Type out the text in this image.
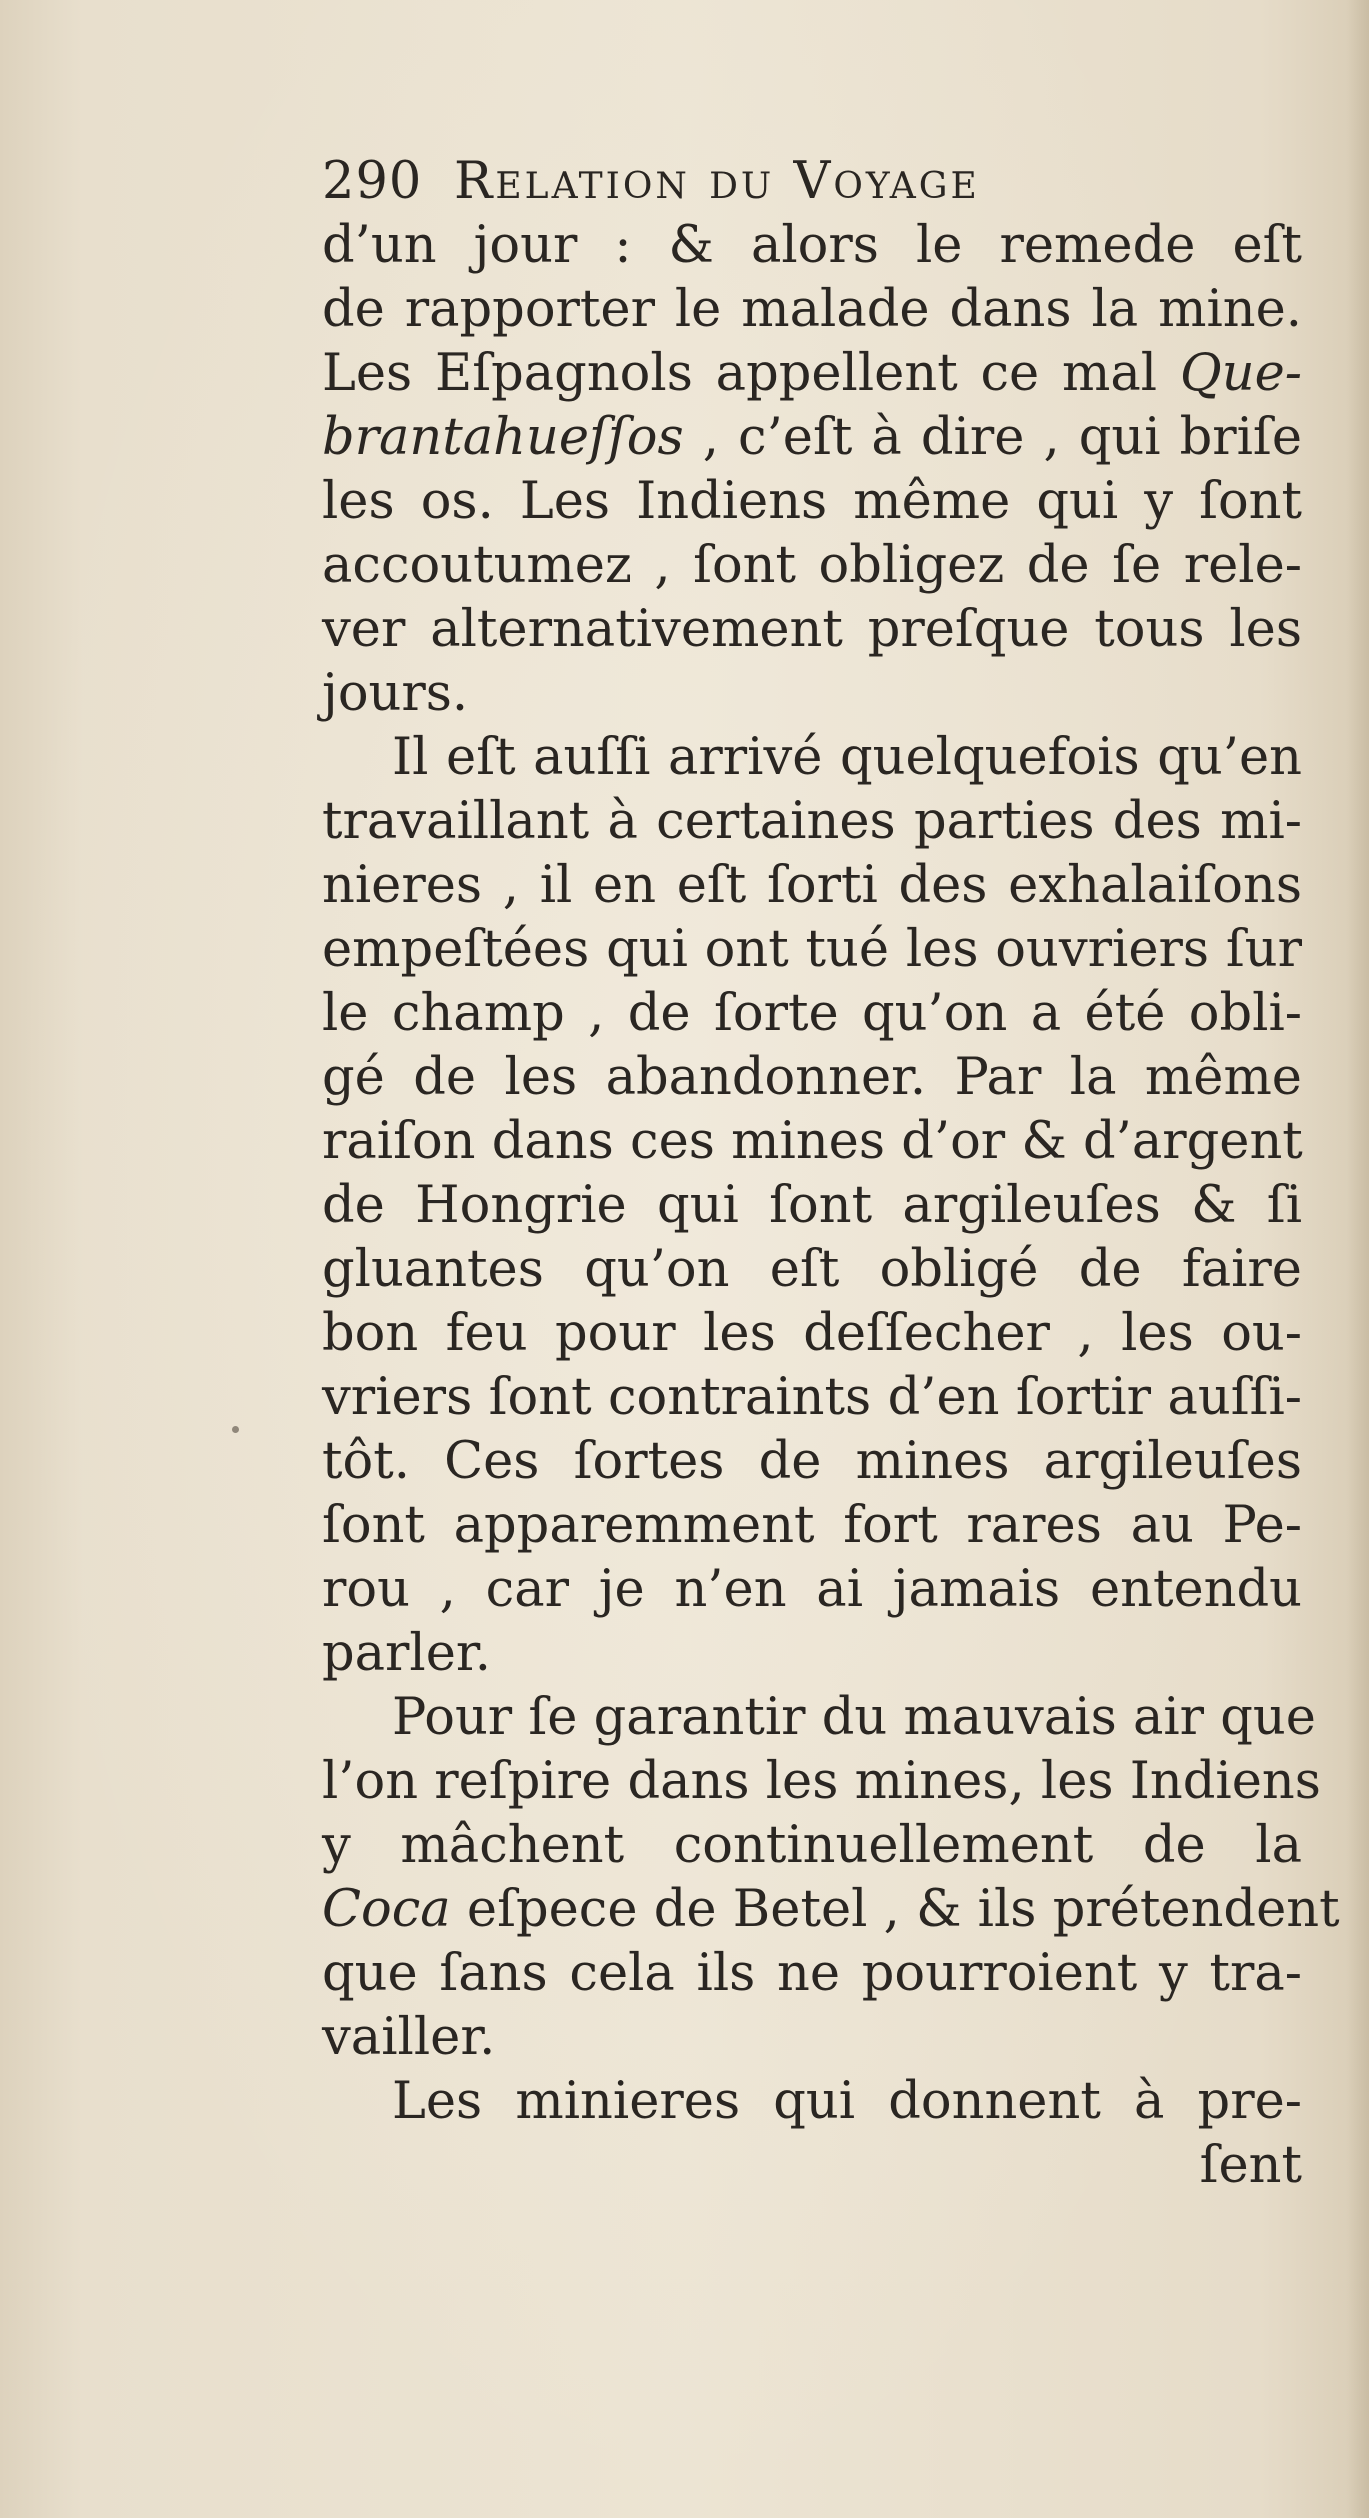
290 Relation du Voyage
d’un jour : & alors le remede eſt
de rapporter le malade dans la mine.
Les Eſpagnols appellent ce mal Que-
brantahueſſos , c’eſt à dire , qui briſe
les os. Les Indiens même qui y ſont
accoutumez , ſont obligez de ſe rele-
ver alternativement preſque tous les
jours.
Il eſt auſſi arrivé quelquefois qu’en
travaillant à certaines parties des mi-
nieres , il en eſt ſorti des exhalaiſons
empeſtées qui ont tué les ouvriers ſur
le champ , de ſorte qu’on a été obli-
gé de les abandonner. Par la même
raiſon dans ces mines d’or & d’argent
de Hongrie qui ſont argileuſes & ſi
gluantes qu’on eſt obligé de faire
bon feu pour les deſſecher , les ou-
vriers ſont contraints d’en ſortir auſſi-
tôt. Ces ſortes de mines argileuſes
ſont apparemment fort rares au Pe-
rou , car je n’en ai jamais entendu
parler.
Pour ſe garantir du mauvais air que
l’on reſpire dans les mines, les Indiens
y mâchent continuellement de la
Coca eſpece de Betel , & ils prétendent
que ſans cela ils ne pourroient y tra-
vailler.
Les minieres qui donnent à pre-
ſent
